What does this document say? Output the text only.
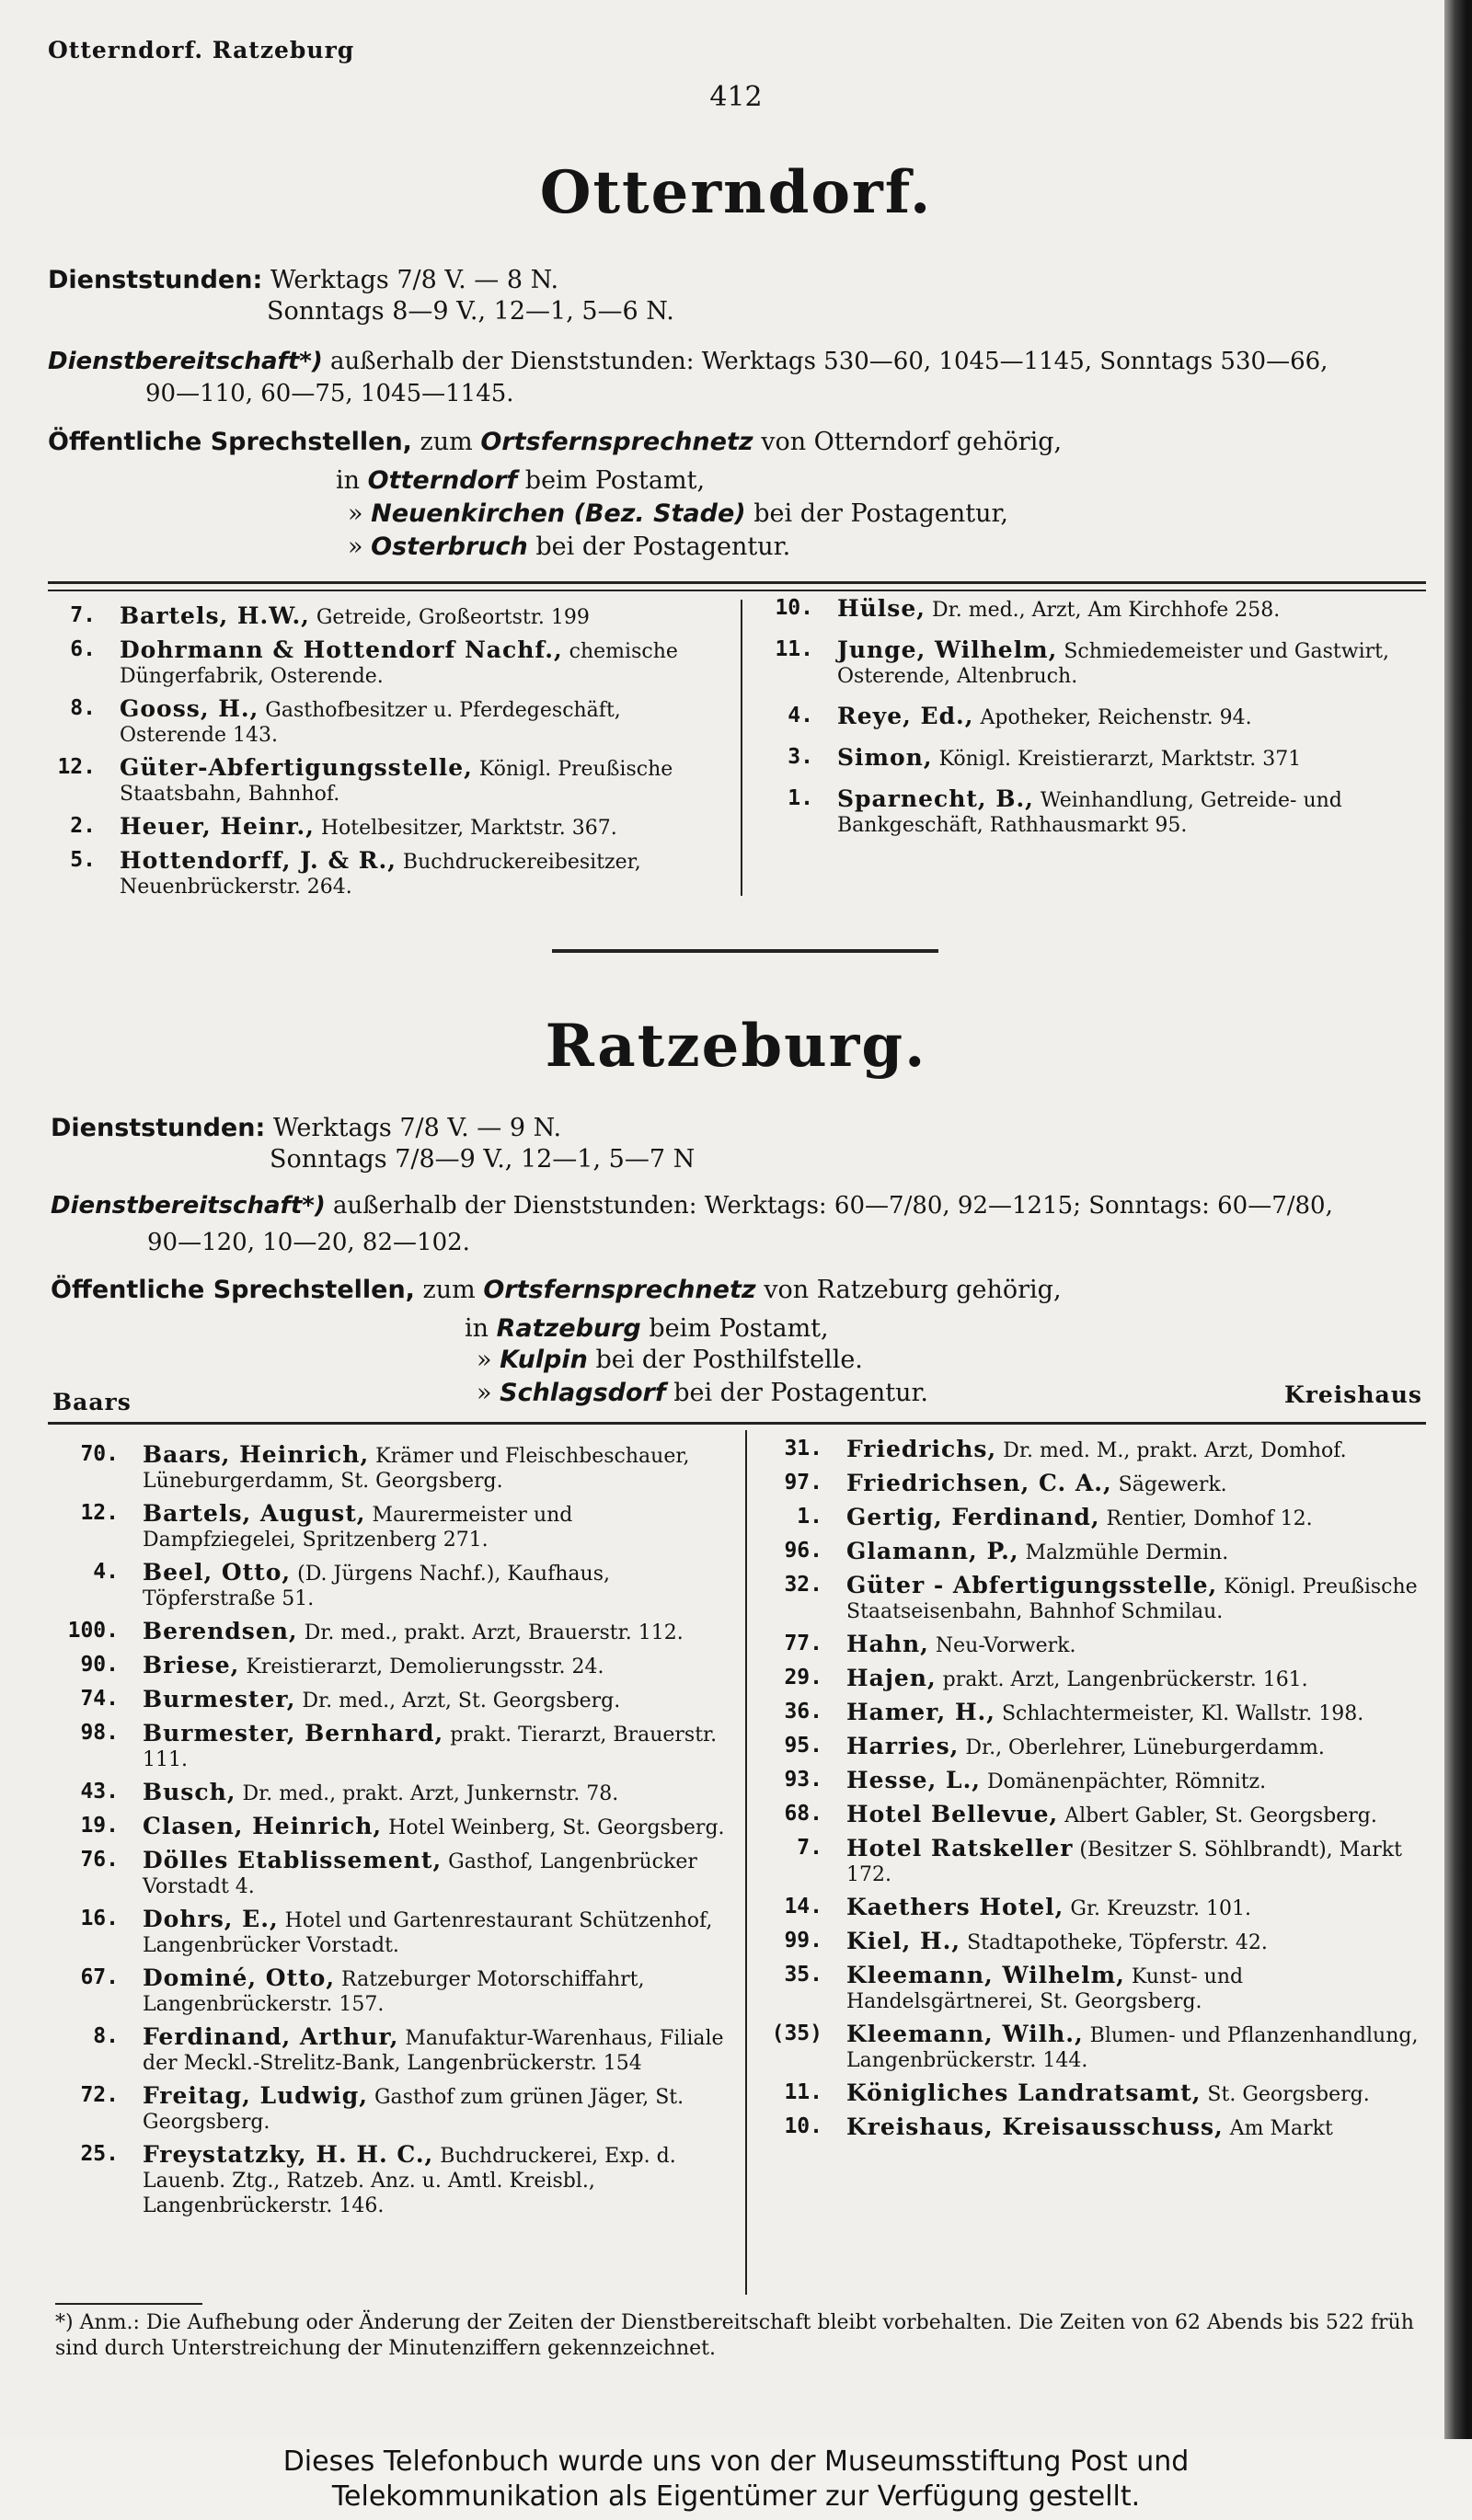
Otterndorf. Ratzeburg
412
Otterndorf.
Dienststunden: Werktags 7/8 V. — 8 N.
Sonntags 8—9 V., 12—1, 5—6 N.
Dienstbereitschaft*) außerhalb der Dienststunden: Werktags 530—60, 1045—1145, Sonntags 530—66,
90—110, 60—75, 1045—1145.
Öffentliche Sprechstellen, zum Ortsfernsprechnetz von Otterndorf gehörig,
in Otterndorf beim Postamt,
» Neuenkirchen (Bez. Stade) bei der Postagentur,
» Osterbruch bei der Postagentur.
7. Bartels, H.W., Getreide, Großeortstr. 199
6. Dohrmann & Hottendorf Nachf., chemische Düngerfabrik, Osterende.
8. Gooss, H., Gasthofbesitzer u. Pferdegeschäft, Osterende 143.
12. Güter-Abfertigungsstelle, Königl. Preußische Staatsbahn, Bahnhof.
2. Heuer, Heinr., Hotelbesitzer, Marktstr. 367.
5. Hottendorff, J. & R., Buchdruckereibesitzer, Neuenbrückerstr. 264.
10. Hülse, Dr. med., Arzt, Am Kirchhofe 258.
11. Junge, Wilhelm, Schmiedemeister und Gastwirt, Osterende, Altenbruch.
4. Reye, Ed., Apotheker, Reichenstr. 94.
3. Simon, Königl. Kreistierarzt, Marktstr. 371
1. Sparnecht, B., Weinhandlung, Getreide- und Bankgeschäft, Rathhausmarkt 95.
Ratzeburg.
Dienststunden: Werktags 7/8 V. — 9 N.
Sonntags 7/8—9 V., 12—1, 5—7 N
Dienstbereitschaft*) außerhalb der Dienststunden: Werktags: 60—7/80, 92—1215; Sonntags: 60—7/80,
90—120, 10—20, 82—102.
Öffentliche Sprechstellen, zum Ortsfernsprechnetz von Ratzeburg gehörig,
in Ratzeburg beim Postamt,
» Kulpin bei der Posthilfstelle.
» Schlagsdorf bei der Postagentur.
Baars	Kreishaus
70. Baars, Heinrich, Krämer und Fleischbeschauer, Lüneburgerdamm, St. Georgsberg.
12. Bartels, August, Maurermeister und Dampfziegelei, Spritzenberg 271.
4. Beel, Otto, (D. Jürgens Nachf.), Kaufhaus, Töpferstraße 51.
100. Berendsen, Dr. med., prakt. Arzt, Brauerstr. 112.
90. Briese, Kreistierarzt, Demolierungsstr. 24.
74. Burmester, Dr. med., Arzt, St. Georgsberg.
98. Burmester, Bernhard, prakt. Tierarzt, Brauerstr. 111.
43. Busch, Dr. med., prakt. Arzt, Junkernstr. 78.
19. Clasen, Heinrich, Hotel Weinberg, St. Georgsberg.
76. Dölles Etablissement, Gasthof, Langenbrücker Vorstadt 4.
16. Dohrs, E., Hotel und Gartenrestaurant Schützenhof, Langenbrücker Vorstadt.
67. Dominé, Otto, Ratzeburger Motorschiffahrt, Langenbrückerstr. 157.
8. Ferdinand, Arthur, Manufaktur-Warenhaus, Filiale der Meckl.-Strelitz-Bank, Langenbrückerstr. 154
72. Freitag, Ludwig, Gasthof zum grünen Jäger, St. Georgsberg.
25. Freystatzky, H. H. C., Buchdruckerei, Exp. d. Lauenb. Ztg., Ratzeb. Anz. u. Amtl. Kreisbl., Langenbrückerstr. 146.
31. Friedrichs, Dr. med. M., prakt. Arzt, Domhof.
97. Friedrichsen, C. A., Sägewerk.
1. Gertig, Ferdinand, Rentier, Domhof 12.
96. Glamann, P., Malzmühle Dermin.
32. Güter - Abfertigungsstelle, Königl. Preußische Staatseisenbahn, Bahnhof Schmilau.
77. Hahn, Neu-Vorwerk.
29. Hajen, prakt. Arzt, Langenbrückerstr. 161.
36. Hamer, H., Schlachtermeister, Kl. Wallstr. 198.
95. Harries, Dr., Oberlehrer, Lüneburgerdamm.
93. Hesse, L., Domänenpächter, Römnitz.
68. Hotel Bellevue, Albert Gabler, St. Georgsberg.
7. Hotel Ratskeller (Besitzer S. Söhlbrandt), Markt 172.
14. Kaethers Hotel, Gr. Kreuzstr. 101.
99. Kiel, H., Stadtapotheke, Töpferstr. 42.
35. Kleemann, Wilhelm, Kunst- und Handelsgärtnerei, St. Georgsberg.
(35) Kleemann, Wilh., Blumen- und Pflanzenhandlung, Langenbrückerstr. 144.
11. Königliches Landratsamt, St. Georgsberg.
10. Kreishaus, Kreisausschuss, Am Markt
*) Anm.: Die Aufhebung oder Änderung der Zeiten der Dienstbereitschaft bleibt vorbehalten. Die Zeiten von 62 Abends bis 522 früh sind durch Unterstreichung der Minutenziffern gekennzeichnet.
Dieses Telefonbuch wurde uns von der Museumsstiftung Post und
Telekommunikation als Eigentümer zur Verfügung gestellt.
